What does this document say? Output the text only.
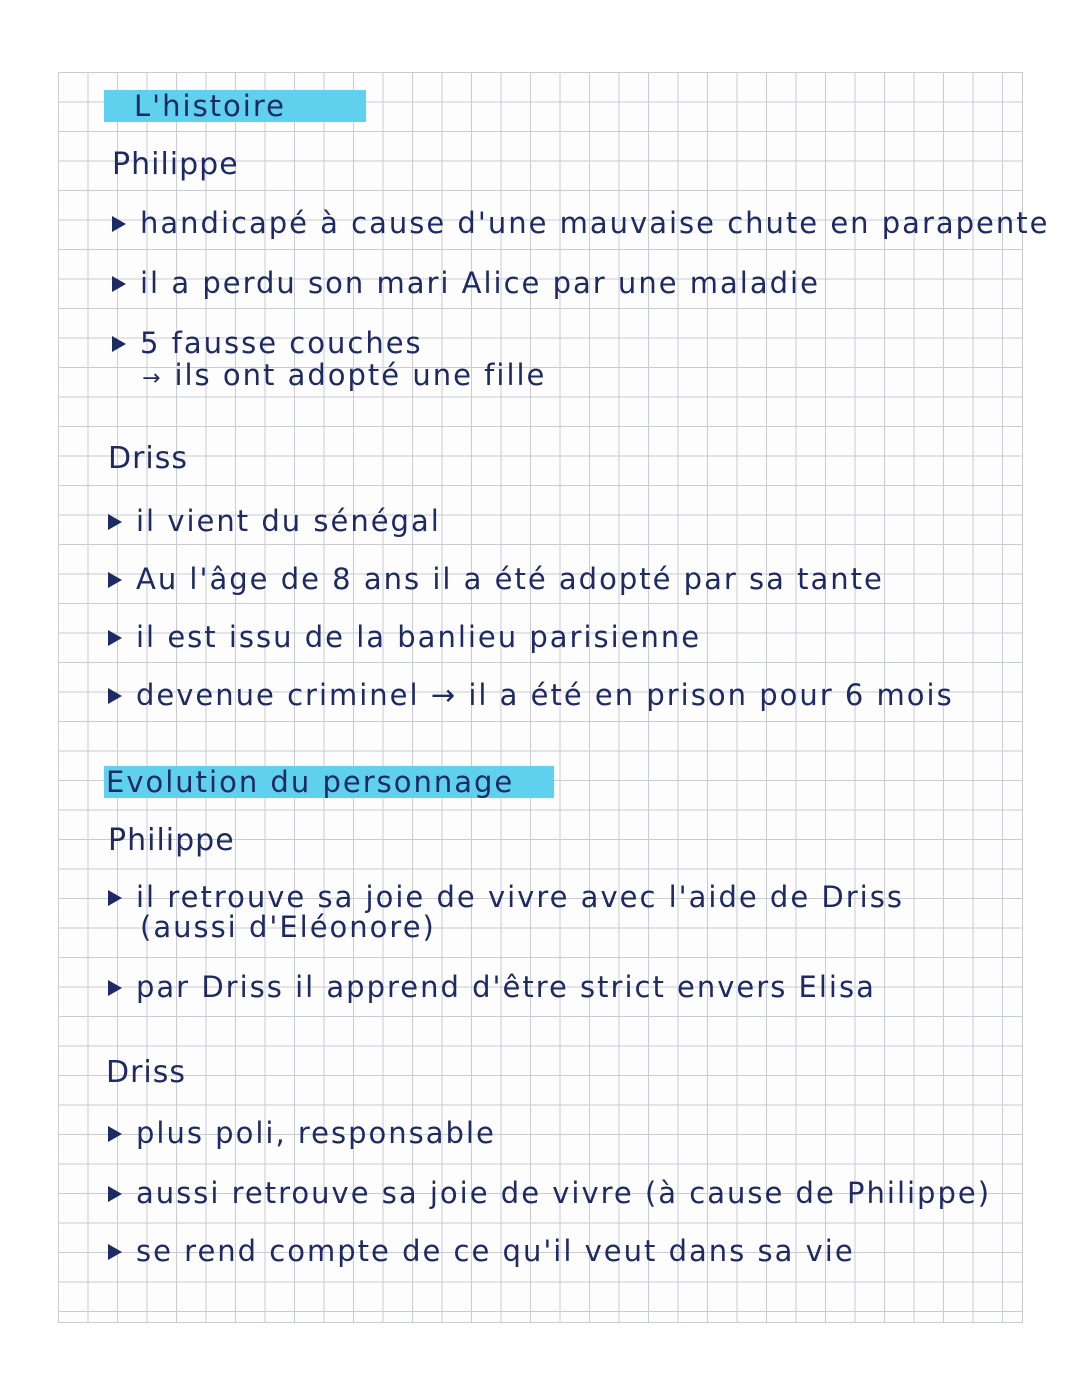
L'histoire
Philippe
handicapé à cause d'une mauvaise chute en parapente
il a perdu son mari Alice par une maladie
5 fausse couches
→ ils ont adopté une fille
Driss
il vient du sénégal
Au l'âge de 8 ans il a été adopté par sa tante
il est issu de la banlieu parisienne
devenue criminel → il a été en prison pour 6 mois
Evolution du personnage
Philippe
il retrouve sa joie de vivre avec l'aide de Driss
(aussi d'Eléonore)
par Driss il apprend d'être strict envers Elisa
Driss
plus poli, responsable
aussi retrouve sa joie de vivre (à cause de Philippe)
se rend compte de ce qu'il veut dans sa vie
